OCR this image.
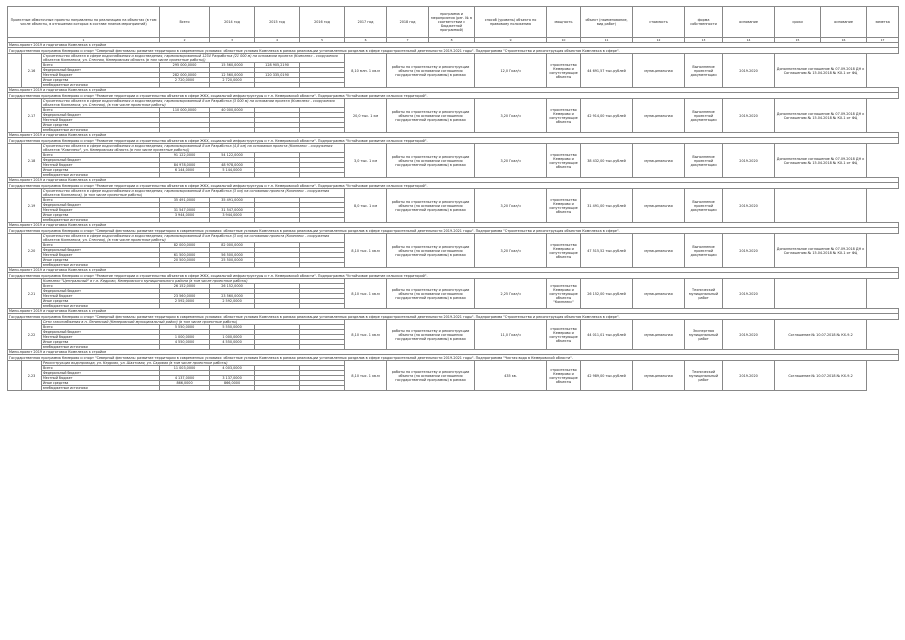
Проектные обмоточные проекты направлены на реализацию на объектах (в том числе объекты, в отношении которых в составе планов мероприятий)			Всего	2014 год	2015 год	2016 год	2017 год	2018 год	программа и мероприятия (рег. № в соответствии с Бюджетной программой)	способ (уровень) объекта по правовому положению	мощность	объект (наименование, вид работ)	стоимость	форма собственности	основание	сроки	основание	заметка
1			2	3	4	5	6	7	8	9	10	11	12	13	14	15	16	17
Мини-проект 2019 и подготовка Комплекса к стройке																		
Государственная программа Кемерово и спорт "Северный фестиваль: развитие территории в современных условиях: областные условия Комплекса в рамках реализации установленных разделов в сфере градостроительной деятельности 2019-2021 годы". Подпрограмма "Строительство и реконструкция объектов Комплекса в сфере".																		
	2.16	Строительство объекта в сфере водоснабжения и водоотведения, гармонизированный 1234 Разработка (21 000 м) на основании проекта (Комплекс - сооружения объектов Комплекса, ул. Степная, Кемеровская область (в том числе проектные работы))					8,10 млн. 1 кв.м	работы по строительству и реконструкции объекта (на основании соглашения государственной программы) в рамках		12,0 Гкал/ч	строительство Кемерово и сопутствующие объекты	44 691,57 тыс.рублей	муниципальная	Выполнение проектной документации	2019-2020	Дополнительное соглашение № 07.09.2018 ДН к Соглашению № 15.04.2018 № КХ-1 от ФЦ		
		Всего	295 000,0000	15 560,0000	128 905,2190													
		Федеральный бюджет																
		Местный бюджет	282 000,0000	12 560,0000	120 335,0190													
		Иные средства	2 720,0000	2 720,0000														
		внебюджетные источники																
Мини-проект 2019 и подготовка Комплекса к стройке																		
Государственная программа Кемерово и спорт "Развитие территории и строительство объектов в сфере ЖКХ, социальной инфраструктуры и т.п. Кемеровской области". Подпрограмма "Устойчивое развитие сельских территорий".																		
	2.17	Строительство объекта в сфере водоснабжения и водоотведения, гармонизированный 8 км Разработка (3 000 м) на основании проекта (Комплекс - сооружения объектов Комплекса, ул. Степная), (в том числе проектные работы)					20,0 тыс. 1 км	работы по строительству и реконструкции объекта (на основании соглашения государственной программы) в рамках		3,20 Гкал/ч	строительство Кемерово и сопутствующие объекты	42 914,00 тыс.рублей	муниципальная	Выполнение проектной документации	2019-2020	Дополнительное соглашение № 07.09.2018 ДН к Соглашению № 15.04.2018 № КХ-1 от ФЦ		
		Всего	110 000,0000	40 000,0000														
		Федеральный бюджет																
		Местный бюджет																
		Иные средства																
		внебюджетные источники																
Мини-проект 2019 и подготовка Комплекса к стройке																		
Государственная программа Кемерово и спорт "Развитие территории и строительство объектов в сфере ЖКХ, социальной инфраструктуры и т.п. Кемеровской области". Подпрограмма "Устойчивое развитие сельских территорий".																		
	2.18	Строительство объекта в сфере водоснабжения и водоотведения, гармонизированный 8 км Разработка (4,8 км) на основании проекта (Комплекс - сооружения объектов "Комплекс", ул. Кемеровская область (в том числе проектные работы))					3,0 тыс. 1 км	работы по строительству и реконструкции объекта (на основании соглашения государственной программы) в рамках		3,20 Гкал/ч	строительство Кемерово и сопутствующие объекты	38 432,00 тыс.рублей	муниципальная	Выполнение проектной документации	2019-2020	Дополнительное соглашение № 07.09.2018 ДН к Соглашению № 15.04.2018 № КХ-1 от ФЦ		
		Всего	91 122,0000	54 122,0000														
		Федеральный бюджет																
		Местный бюджет	84 978,0000	48 978,0000														
		Иные средства	6 144,0000	5 144,0000														
		внебюджетные источники																
Мини-проект 2019 и подготовка Комплекса к стройке																		
Государственная программа Кемерово и спорт "Развитие территории и строительство объектов в сфере ЖКХ, социальной инфраструктуры и т.п. Кемеровской области". Подпрограмма "Устойчивое развитие сельских территорий".																		
	2.19	Строительство объекта в сфере водоснабжения и водоотведения, гармонизированный 8 км Разработка (3 км) на основании проекта (Комплекс - сооружения объектов Комплекса), (в том числе проектные работы)					8,0 тыс. 1 км	работы по строительству и реконструкции объекта (на основании соглашения государственной программы) в рамках		3,20 Гкал/ч	строительство Кемерово и сопутствующие объекты	31 491,00 тыс.рублей	муниципальная	Выполнение проектной документации	2019-2020			
		Всего	35 491,0000	35 491,0000														
		Федеральный бюджет																
		Местный бюджет	31 547,0000	31 547,0000														
		Иные средства	3 944,0000	3 944,0000														
		внебюджетные источники																
Мини-проект 2019 и подготовка Комплекса к стройке																		
Государственная программа Кемерово и спорт "Северный фестиваль: развитие территории в современных условиях: областные условия Комплекса в рамках реализации установленных разделов в сфере градостроительной деятельности 2019-2021 годы". Подпрограмма "Строительство и реконструкция объектов Комплекса в сфере".																		
	2.20	Строительство объекта в сфере водоснабжения и водоотведения, гармонизированный 8 км Разработка (3 км) на основании проекта (Комплекс - сооружения объектов Комплекса, ул. Степная), (в том числе проектные работы)					8,10 тыс. 1 кв.м	работы по строительству и реконструкции объекта (на основании соглашения государственной программы) в рамках		3,20 Гкал/ч	строительство Кемерово и сопутствующие объекты	47 515,52 тыс.рублей	муниципальная	Выполнение проектной документации	2019-2020	Дополнительное соглашение № 07.09.2018 ДН к Соглашению № 15.04.2018 № КХ-1 от ФЦ		
		Всего	82 000,0000	82 000,0000														
		Федеральный бюджет																
		Местный бюджет	61 500,0000	56 500,0000														
		Иные средства	20 500,0000	25 500,0000														
		внебюджетные источники																
Мини-проект 2019 и подготовка Комплекса к стройке																		
Государственная программа Кемерово и спорт "Развитие территории и строительство объектов в сфере ЖКХ, социальной инфраструктуры и т.п. Кемеровской области". Подпрограмма "Устойчивое развитие сельских территорий".																		
	2.21	Комплекс "Центральный" в г.п. Кедрово, Кемеровского муниципального района (в том числе проектные работы)					8,10 тыс. 1 кв.м	работы по строительству и реконструкции объекта (на основании соглашения государственной программы) в рамках		2,25 Гкал/ч	строительство Кемерово и сопутствующие объекты "Комплекс"	26 152,00 тыс.рублей	муниципальная	Технический муниципальный работ	2019-2020			
		Всего	26 152,0000	26 152,0000														
		Федеральный бюджет																
		Местный бюджет	23 560,0000	23 560,0000														
		Иные средства	2 592,0000	2 592,0000														
		внебюджетные источники																
Мини-проект 2019 и подготовка Комплекса к стройке																		
Государственная программа Кемерово и спорт "Северный фестиваль: развитие территории в современных условиях: областные условия Комплекса в рамках реализации установленных разделов в сфере градостроительной деятельности 2019-2021 годы". Подпрограмма "Строительство и реконструкция объектов Комплекса в сфере".																		
	2.22	Сети газоснабжения в п. Ленинский (Кемеровский муниципальный район) (в том числе проектные работы)					8,10 тыс. 1 кв.м	работы по строительству и реконструкции объекта (на основании соглашения государственной программы) в рамках		11,0 Гкал/ч	строительство Кемерово и сопутствующие объекты	44 011,01 тыс.рублей	муниципальная	Экспертная муниципальный работ	2019-2020	Соглашение № 10.07.2018 № КХ-9-2		
		Всего	5 550,0000	5 550,0000														
		Федеральный бюджет																
		Местный бюджет	1 000,0000	1 000,0000														
		Иные средства	4 550,0000	4 550,0000														
		внебюджетные источники																
Мини-проект 2019 и подготовка Комплекса к стройке																		
Государственная программа Кемерово и спорт "Северный фестиваль: развитие территории в современных условиях: областные условия Комплекса в рамках реализации установленных разделов в сфере градостроительной деятельности 2019-2021 годы". Подпрограмма "Чистая вода в Кемеровской области".																		
	2.23	Реконструкция водопровода, ул. Кедрово, ул. Шахтовая, ул. Садовая (в том числе проектные работы)					8,10 тыс. 1 кв.м	работы по строительству и реконструкции объекта (на основании соглашения государственной программы) в рамках		435 кв.	строительство Кемерово и сопутствующие объекты	42 989,00 тыс.рублей	муниципальная	Технический муниципальный работ	2019-2020	Соглашение № 10.07.2018 № КХ-9-2		
		Всего	11 003,0000	4 003,0000														
		Федеральный бюджет																
		Местный бюджет	4 137,0000	3 137,0000														
		Иные средства	866,0000	866,0000														
		внебюджетные источники																
